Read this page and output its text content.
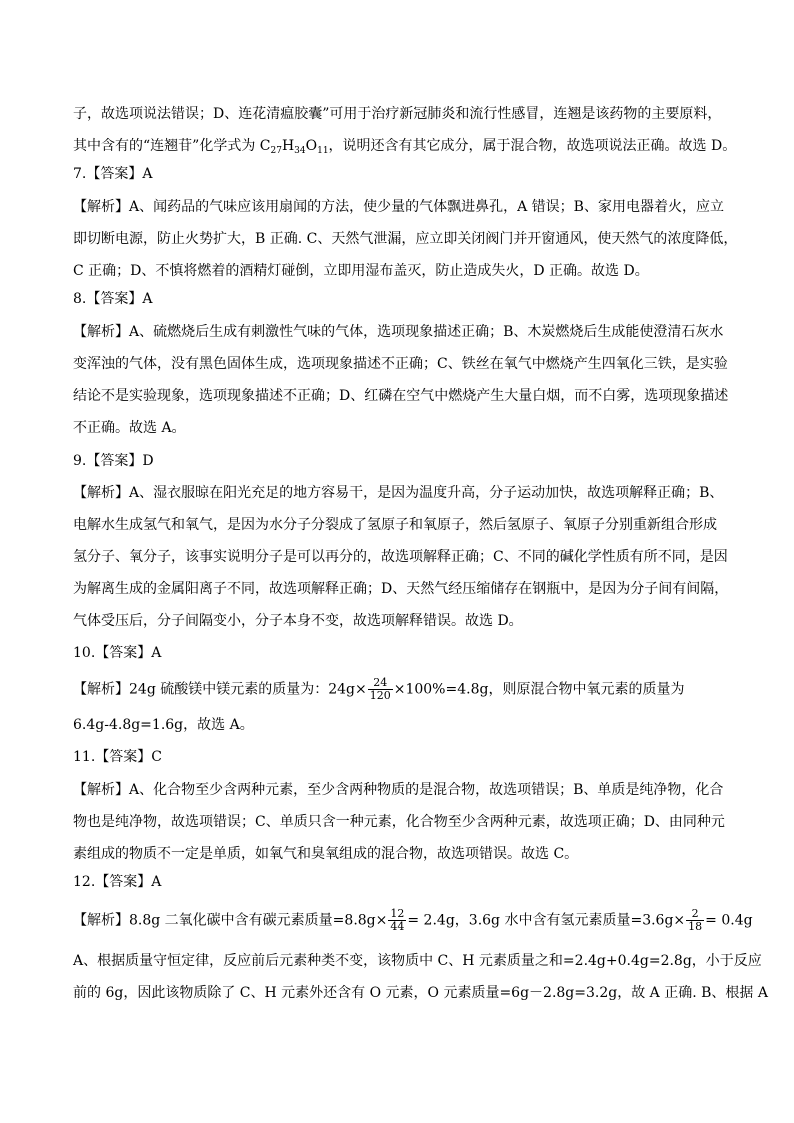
子，故选项说法错误；D、连花清瘟胶囊”可用于治疗新冠肺炎和流行性感冒，连翘是该药物的主要原料，
其中含有的“连翘苷”化学式为 $C_{27}H_{34}O_{11}$，说明还含有其它成分，属于混合物，故选项说法正确。故选 D。
7.【答案】A
【解析】A、闻药品的气味应该用扇闻的方法，使少量的气体飘进鼻孔，A 错误；B、家用电器着火，应立
即切断电源，防止火势扩大，B 正确. C、天然气泄漏，应立即关闭阀门并开窗通风，使天然气的浓度降低，
C 正确；D、不慎将燃着的酒精灯碰倒，立即用湿布盖灭，防止造成失火，D 正确。故选 D。
8.【答案】A
【解析】A、硫燃烧后生成有刺激性气味的气体，选项现象描述正确；B、木炭燃烧后生成能使澄清石灰水
变浑浊的气体，没有黑色固体生成，选项现象描述不正确；C、铁丝在氧气中燃烧产生四氧化三铁，是实验
结论不是实验现象，选项现象描述不正确；D、红磷在空气中燃烧产生大量白烟，而不白雾，选项现象描述
不正确。故选 A。
9.【答案】D
【解析】A、湿衣服晾在阳光充足的地方容易干，是因为温度升高，分子运动加快，故选项解释正确；B、
电解水生成氢气和氧气，是因为水分子分裂成了氢原子和氧原子，然后氢原子、氧原子分别重新组合形成
氢分子、氧分子，该事实说明分子是可以再分的，故选项解释正确；C、不同的碱化学性质有所不同，是因
为解离生成的金属阳离子不同，故选项解释正确；D、天然气经压缩储存在钢瓶中，是因为分子间有间隔，
气体受压后，分子间隔变小，分子本身不变，故选项解释错误。故选 D。
10.【答案】A
【解析】24g 硫酸镁中镁元素的质量为：$24g\times \frac{24}{120} \times 100\%=4.8g$，则原混合物中氧元素的质量为
6.4g-4.8g=1.6g，故选 A。
11.【答案】C
【解析】A、化合物至少含两种元素，至少含两种物质的是混合物，故选项错误；B、单质是纯净物，化合
物也是纯净物，故选项错误；C、单质只含一种元素，化合物至少含两种元素，故选项正确；D、由同种元
素组成的物质不一定是单质，如氧气和臭氧组成的混合物，故选项错误。故选 C。
12.【答案】A
【解析】8.8g 二氧化碳中含有碳元素质量$=8.8g\times \frac{12}{44} = 2.4g$，3.6g 水中含有氢元素质量$=3.6g\times \frac{2}{18} = 0.4g$
A、根据质量守恒定律，反应前后元素种类不变，该物质中 C、H 元素质量之和=2.4g+0.4g=2.8g，小于反应
前的 6g，因此该物质除了 C、H 元素外还含有 O 元素，O 元素质量=6g－2.8g=3.2g，故 A 正确. B、根据 A
